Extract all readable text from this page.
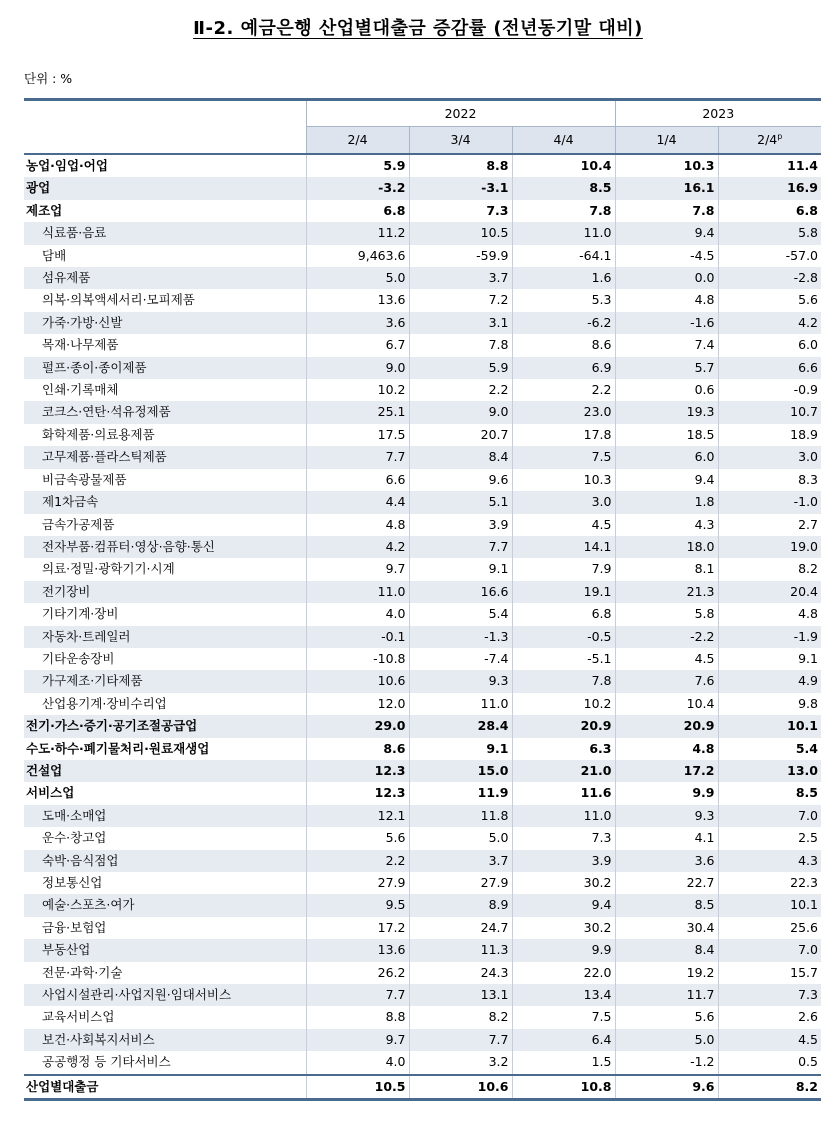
Ⅱ-2. 예금은행 산업별대출금 증감률 (전년동기말 대비)
단위 : %
	2022			2023	
	2/4	3/4	4/4	1/4	2/4$^p$
농업·임업·어업	5.9	8.8	10.4	10.3	11.4
광업	-3.2	-3.1	8.5	16.1	16.9
제조업	6.8	7.3	7.8	7.8	6.8
식료품·음료	11.2	10.5	11.0	9.4	5.8
담배	9,463.6	-59.9	-64.1	-4.5	-57.0
섬유제품	5.0	3.7	1.6	0.0	-2.8
의복·의복액세서리·모피제품	13.6	7.2	5.3	4.8	5.6
가죽·가방·신발	3.6	3.1	-6.2	-1.6	4.2
목재·나무제품	6.7	7.8	8.6	7.4	6.0
펄프·종이·종이제품	9.0	5.9	6.9	5.7	6.6
인쇄·기록매체	10.2	2.2	2.2	0.6	-0.9
코크스·연탄·석유정제품	25.1	9.0	23.0	19.3	10.7
화학제품·의료용제품	17.5	20.7	17.8	18.5	18.9
고무제품·플라스틱제품	7.7	8.4	7.5	6.0	3.0
비금속광물제품	6.6	9.6	10.3	9.4	8.3
제1차금속	4.4	5.1	3.0	1.8	-1.0
금속가공제품	4.8	3.9	4.5	4.3	2.7
전자부품·컴퓨터·영상·음향·통신	4.2	7.7	14.1	18.0	19.0
의료·정밀·광학기기·시계	9.7	9.1	7.9	8.1	8.2
전기장비	11.0	16.6	19.1	21.3	20.4
기타기계·장비	4.0	5.4	6.8	5.8	4.8
자동차·트레일러	-0.1	-1.3	-0.5	-2.2	-1.9
기타운송장비	-10.8	-7.4	-5.1	4.5	9.1
가구제조·기타제품	10.6	9.3	7.8	7.6	4.9
산업용기계·장비수리업	12.0	11.0	10.2	10.4	9.8
전기·가스·증기·공기조절공급업	29.0	28.4	20.9	20.9	10.1
수도·하수·폐기물처리·원료재생업	8.6	9.1	6.3	4.8	5.4
건설업	12.3	15.0	21.0	17.2	13.0
서비스업	12.3	11.9	11.6	9.9	8.5
도매·소매업	12.1	11.8	11.0	9.3	7.0
운수·창고업	5.6	5.0	7.3	4.1	2.5
숙박·음식점업	2.2	3.7	3.9	3.6	4.3
정보통신업	27.9	27.9	30.2	22.7	22.3
예술·스포츠·여가	9.5	8.9	9.4	8.5	10.1
금융·보험업	17.2	24.7	30.2	30.4	25.6
부동산업	13.6	11.3	9.9	8.4	7.0
전문·과학·기술	26.2	24.3	22.0	19.2	15.7
사업시설관리·사업지원·임대서비스	7.7	13.1	13.4	11.7	7.3
교육서비스업	8.8	8.2	7.5	5.6	2.6
보건·사회복지서비스	9.7	7.7	6.4	5.0	4.5
공공행정 등 기타서비스	4.0	3.2	1.5	-1.2	0.5
산업별대출금	10.5	10.6	10.8	9.6	8.2
